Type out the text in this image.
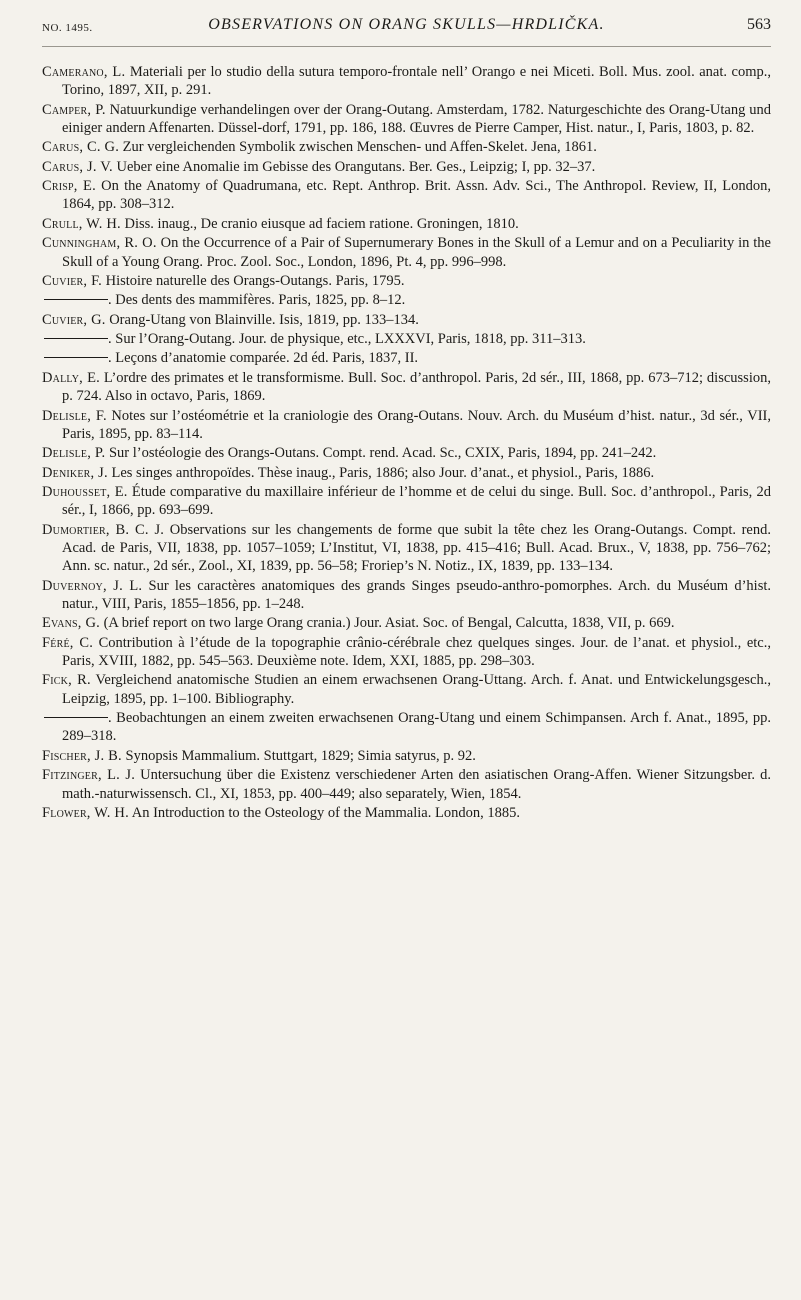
NO. 1495.	OBSERVATIONS ON ORANG SKULLS—HRDLIČKA.	563

Camerano, L. Materiali per lo studio della sutura temporo-frontale nell’ Orango e nei Miceti. Boll. Mus. zool. anat. comp., Torino, 1897, XII, p. 291.

Camper, P. Natuurkundige verhandelingen over der Orang-Outang. Amsterdam, 1782. Naturgeschichte des Orang-Utang und einiger andern Affenarten. Düssel-dorf, 1791, pp. 186, 188. Œuvres de Pierre Camper, Hist. natur., I, Paris, 1803, p. 82.

Carus, C. G. Zur vergleichenden Symbolik zwischen Menschen- und Affen-Skelet. Jena, 1861.

Carus, J. V. Ueber eine Anomalie im Gebisse des Orangutans. Ber. Ges., Leipzig; I, pp. 32–37.

Crisp, E. On the Anatomy of Quadrumana, etc. Rept. Anthrop. Brit. Assn. Adv. Sci., The Anthropol. Review, II, London, 1864, pp. 308–312.

Crull, W. H. Diss. inaug., De cranio eiusque ad faciem ratione. Groningen, 1810.

Cunningham, R. O. On the Occurrence of a Pair of Supernumerary Bones in the Skull of a Lemur and on a Peculiarity in the Skull of a Young Orang. Proc. Zool. Soc., London, 1896, Pt. 4, pp. 996–998.

Cuvier, F. Histoire naturelle des Orangs-Outangs. Paris, 1795.

. Des dents des mammifères. Paris, 1825, pp. 8–12.

Cuvier, G. Orang-Utang von Blainville. Isis, 1819, pp. 133–134.

. Sur l’Orang-Outang. Jour. de physique, etc., LXXXVI, Paris, 1818, pp. 311–313.

. Leçons d’anatomie comparée. 2d éd. Paris, 1837, II.

Dally, E. L’ordre des primates et le transformisme. Bull. Soc. d’anthropol. Paris, 2d sér., III, 1868, pp. 673–712; discussion, p. 724. Also in octavo, Paris, 1869.

Delisle, F. Notes sur l’ostéométrie et la craniologie des Orang-Outans. Nouv. Arch. du Muséum d’hist. natur., 3d sér., VII, Paris, 1895, pp. 83–114.

Delisle, P. Sur l’ostéologie des Orangs-Outans. Compt. rend. Acad. Sc., CXIX, Paris, 1894, pp. 241–242.

Deniker, J. Les singes anthropoïdes. Thèse inaug., Paris, 1886; also Jour. d’anat., et physiol., Paris, 1886.

Duhousset, E. Étude comparative du maxillaire inférieur de l’homme et de celui du singe. Bull. Soc. d’anthropol., Paris, 2d sér., I, 1866, pp. 693–699.

Dumortier, B. C. J. Observations sur les changements de forme que subit la tête chez les Orang-Outangs. Compt. rend. Acad. de Paris, VII, 1838, pp. 1057–1059; L’Institut, VI, 1838, pp. 415–416; Bull. Acad. Brux., V, 1838, pp. 756–762; Ann. sc. natur., 2d sér., Zool., XI, 1839, pp. 56–58; Froriep’s N. Notiz., IX, 1839, pp. 133–134.

Duvernoy, J. L. Sur les caractères anatomiques des grands Singes pseudo-anthro-pomorphes. Arch. du Muséum d’hist. natur., VIII, Paris, 1855–1856, pp. 1–248.

Evans, G. (A brief report on two large Orang crania.) Jour. Asiat. Soc. of Bengal, Calcutta, 1838, VII, p. 669.

Féré, C. Contribution à l’étude de la topographie crânio-cérébrale chez quelques singes. Jour. de l’anat. et physiol., etc., Paris, XVIII, 1882, pp. 545–563. Deuxième note. Idem, XXI, 1885, pp. 298–303.

Fick, R. Vergleichend anatomische Studien an einem erwachsenen Orang-Uttang. Arch. f. Anat. und Entwickelungsgesch., Leipzig, 1895, pp. 1–100. Bibliography.

. Beobachtungen an einem zweiten erwachsenen Orang-Utang und einem Schimpansen. Arch f. Anat., 1895, pp. 289–318.

Fischer, J. B. Synopsis Mammalium. Stuttgart, 1829; Simia satyrus, p. 92.

Fitzinger, L. J. Untersuchung über die Existenz verschiedener Arten den asiatischen Orang-Affen. Wiener Sitzungsber. d. math.-naturwissensch. Cl., XI, 1853, pp. 400–449; also separately, Wien, 1854.

Flower, W. H. An Introduction to the Osteology of the Mammalia. London, 1885.
